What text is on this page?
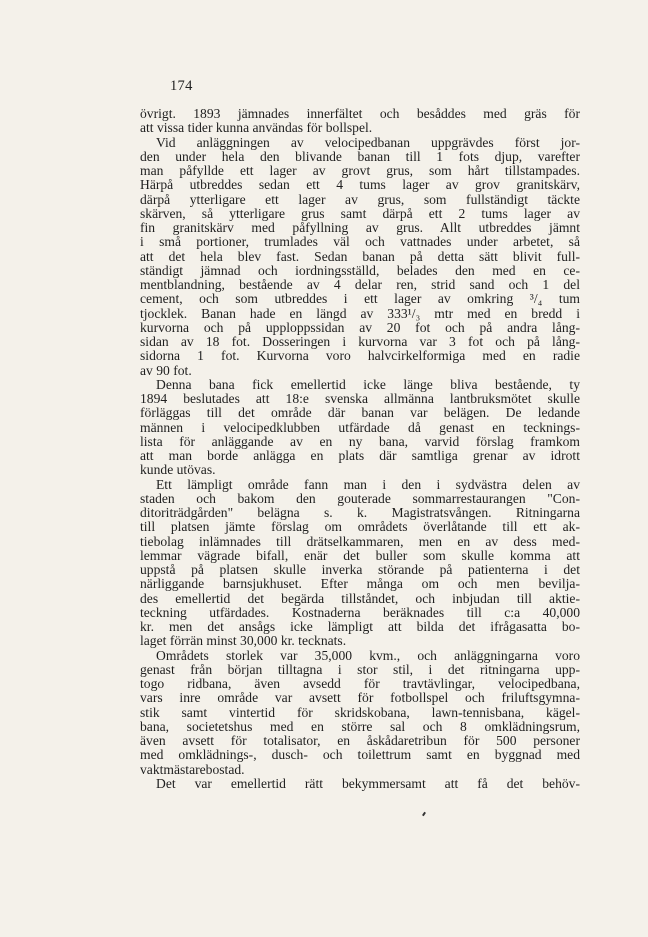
174
övrigt. 1893 jämnades innerfältet och besåddes med gräs för
att vissa tider kunna användas för bollspel.
Vid anläggningen av velocipedbanan uppgrävdes först jor-
den under hela den blivande banan till 1 fots djup, varefter
man påfyllde ett lager av grovt grus, som hårt tillstampades.
Härpå utbreddes sedan ett 4 tums lager av grov granitskärv,
därpå ytterligare ett lager av grus, som fullständigt täckte
skärven, så ytterligare grus samt därpå ett 2 tums lager av
fin granitskärv med påfyllning av grus. Allt utbreddes jämnt
i små portioner, trumlades väl och vattnades under arbetet, så
att det hela blev fast. Sedan banan på detta sätt blivit full-
ständigt jämnad och iordningsställd, belades den med en ce-
mentblandning, bestående av 4 delar ren, strid sand och 1 del
cement, och som utbreddes i ett lager av omkring ³/₄ tum
tjocklek. Banan hade en längd av 333¹/₃ mtr med en bredd i
kurvorna och på upploppssidan av 20 fot och på andra lång-
sidan av 18 fot. Dosseringen i kurvorna var 3 fot och på lång-
sidorna 1 fot. Kurvorna voro halvcirkelformiga med en radie
av 90 fot.
Denna bana fick emellertid icke länge bliva bestående, ty
1894 beslutades att 18:e svenska allmänna lantbruksmötet skulle
förläggas till det område där banan var belägen. De ledande
männen i velocipedklubben utfärdade då genast en tecknings-
lista för anläggande av en ny bana, varvid förslag framkom
att man borde anlägga en plats där samtliga grenar av idrott
kunde utövas.
Ett lämpligt område fann man i den i sydvästra delen av
staden och bakom den gouterade sommarrestaurangen "Con-
ditoriträdgården" belägna s. k. Magistratsvången. Ritningarna
till platsen jämte förslag om områdets överlåtande till ett ak-
tiebolag inlämnades till drätselkammaren, men en av dess med-
lemmar vägrade bifall, enär det buller som skulle komma att
uppstå på platsen skulle inverka störande på patienterna i det
närliggande barnsjukhuset. Efter många om och men bevilja-
des emellertid det begärda tillståndet, och inbjudan till aktie-
teckning utfärdades. Kostnaderna beräknades till c:a 40,000
kr. men det ansågs icke lämpligt att bilda det ifrågasatta bo-
laget förrän minst 30,000 kr. tecknats.
Områdets storlek var 35,000 kvm., och anläggningarna voro
genast från början tilltagna i stor stil, i det ritningarna upp-
togo ridbana, även avsedd för travtävlingar, velocipedbana,
vars inre område var avsett för fotbollspel och friluftsgymna-
stik samt vintertid för skridskobana, lawn-tennisbana, kägel-
bana, societetshus med en större sal och 8 omklädningsrum,
även avsett för totalisator, en åskådaretribun för 500 personer
med omklädnings-, dusch- och toilettrum samt en byggnad med
vaktmästarebostad.
Det var emellertid rätt bekymmersamt att få det behöv-
